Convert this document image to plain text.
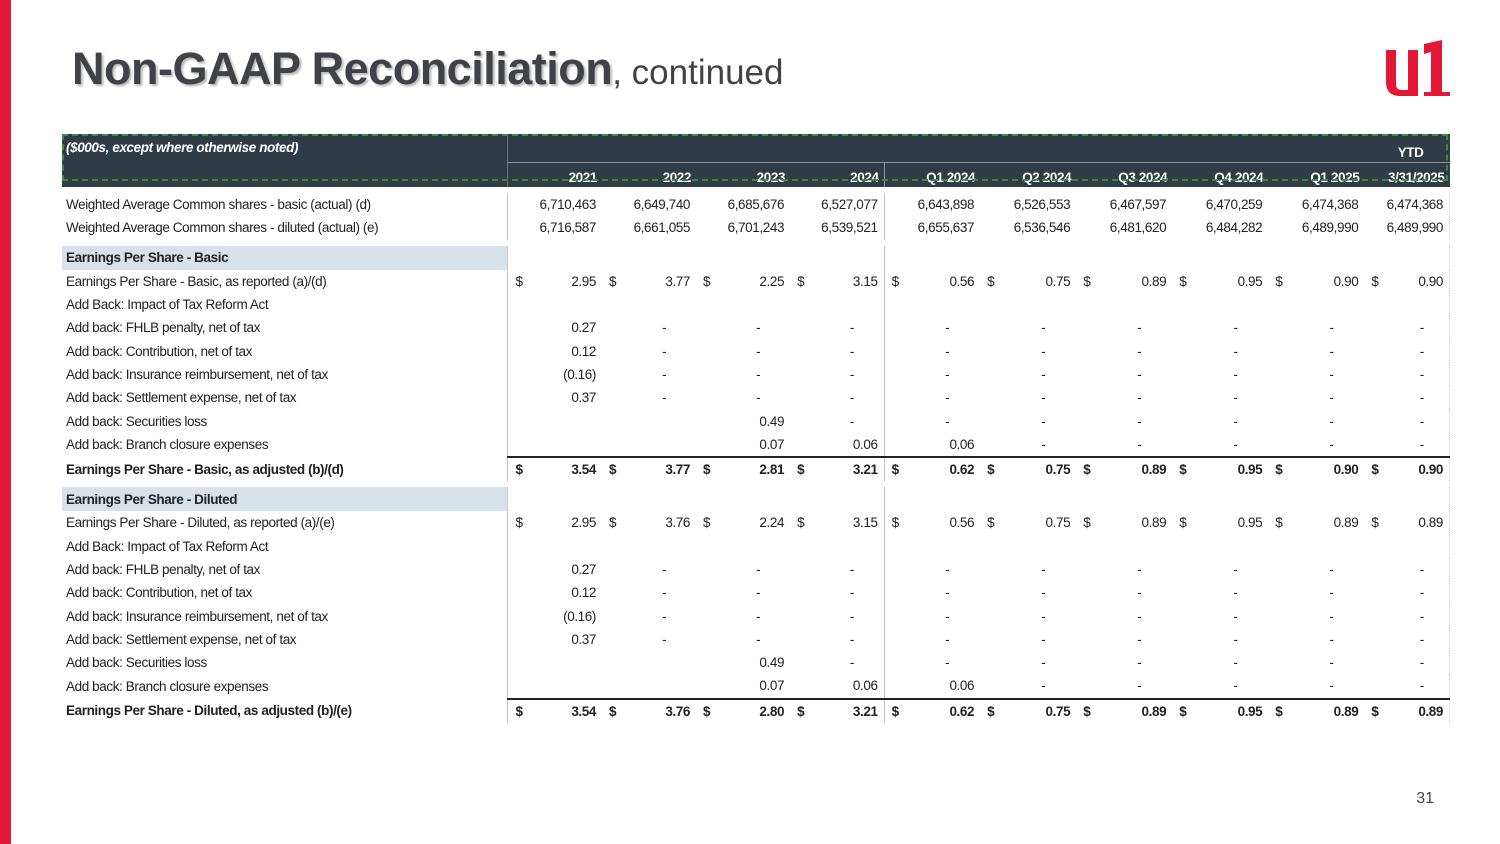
Non-GAAP Reconciliation, continued
($000s, except where otherwise noted)																			YTD	
	2021		2022		2023		2024		Q1 2024		Q2 2024		Q3 2024		Q4 2024		Q1 2025		3/31/2025	

Weighted Average Common shares - basic (actual) (d)		6,710,463		6,649,740		6,685,676		6,527,077		6,643,898		6,526,553		6,467,597		6,470,259		6,474,368		6,474,368
Weighted Average Common shares - diluted (actual) (e)		6,716,587		6,661,055		6,701,243		6,539,521		6,655,637		6,536,546		6,481,620		6,484,282		6,489,990		6,489,990

Earnings Per Share - Basic																				
Earnings Per Share - Basic, as reported (a)/(d)	$	2.95	$	3.77	$	2.25	$	3.15	$	0.56	$	0.75	$	0.89	$	0.95	$	0.90	$	0.90
Add Back: Impact of Tax Reform Act																				
Add back: FHLB penalty, net of tax		0.27		-		-		-		-		-		-		-		-		-
Add back: Contribution, net of tax		0.12		-		-		-		-		-		-		-		-		-
Add back: Insurance reimbursement, net of tax		(0.16)		-		-		-		-		-		-		-		-		-
Add back: Settlement expense, net of tax		0.37		-		-		-		-		-		-		-		-		-
Add back: Securities loss						0.49		-		-		-		-		-		-		-
Add back: Branch closure expenses						0.07		0.06		0.06		-		-		-		-		-
Earnings Per Share - Basic, as adjusted (b)/(d)	$	3.54	$	3.77	$	2.81	$	3.21	$	0.62	$	0.75	$	0.89	$	0.95	$	0.90	$	0.90

Earnings Per Share - Diluted																				
Earnings Per Share - Diluted, as reported (a)/(e)	$	2.95	$	3.76	$	2.24	$	3.15	$	0.56	$	0.75	$	0.89	$	0.95	$	0.89	$	0.89
Add Back: Impact of Tax Reform Act																				
Add back: FHLB penalty, net of tax		0.27		-		-		-		-		-		-		-		-		-
Add back: Contribution, net of tax		0.12		-		-		-		-		-		-		-		-		-
Add back: Insurance reimbursement, net of tax		(0.16)		-		-		-		-		-		-		-		-		-
Add back: Settlement expense, net of tax		0.37		-		-		-		-		-		-		-		-		-
Add back: Securities loss						0.49		-		-		-		-		-		-		-
Add back: Branch closure expenses						0.07		0.06		0.06		-		-		-		-		-
Earnings Per Share - Diluted, as adjusted (b)/(e)	$	3.54	$	3.76	$	2.80	$	3.21	$	0.62	$	0.75	$	0.89	$	0.95	$	0.89	$	0.89
31
